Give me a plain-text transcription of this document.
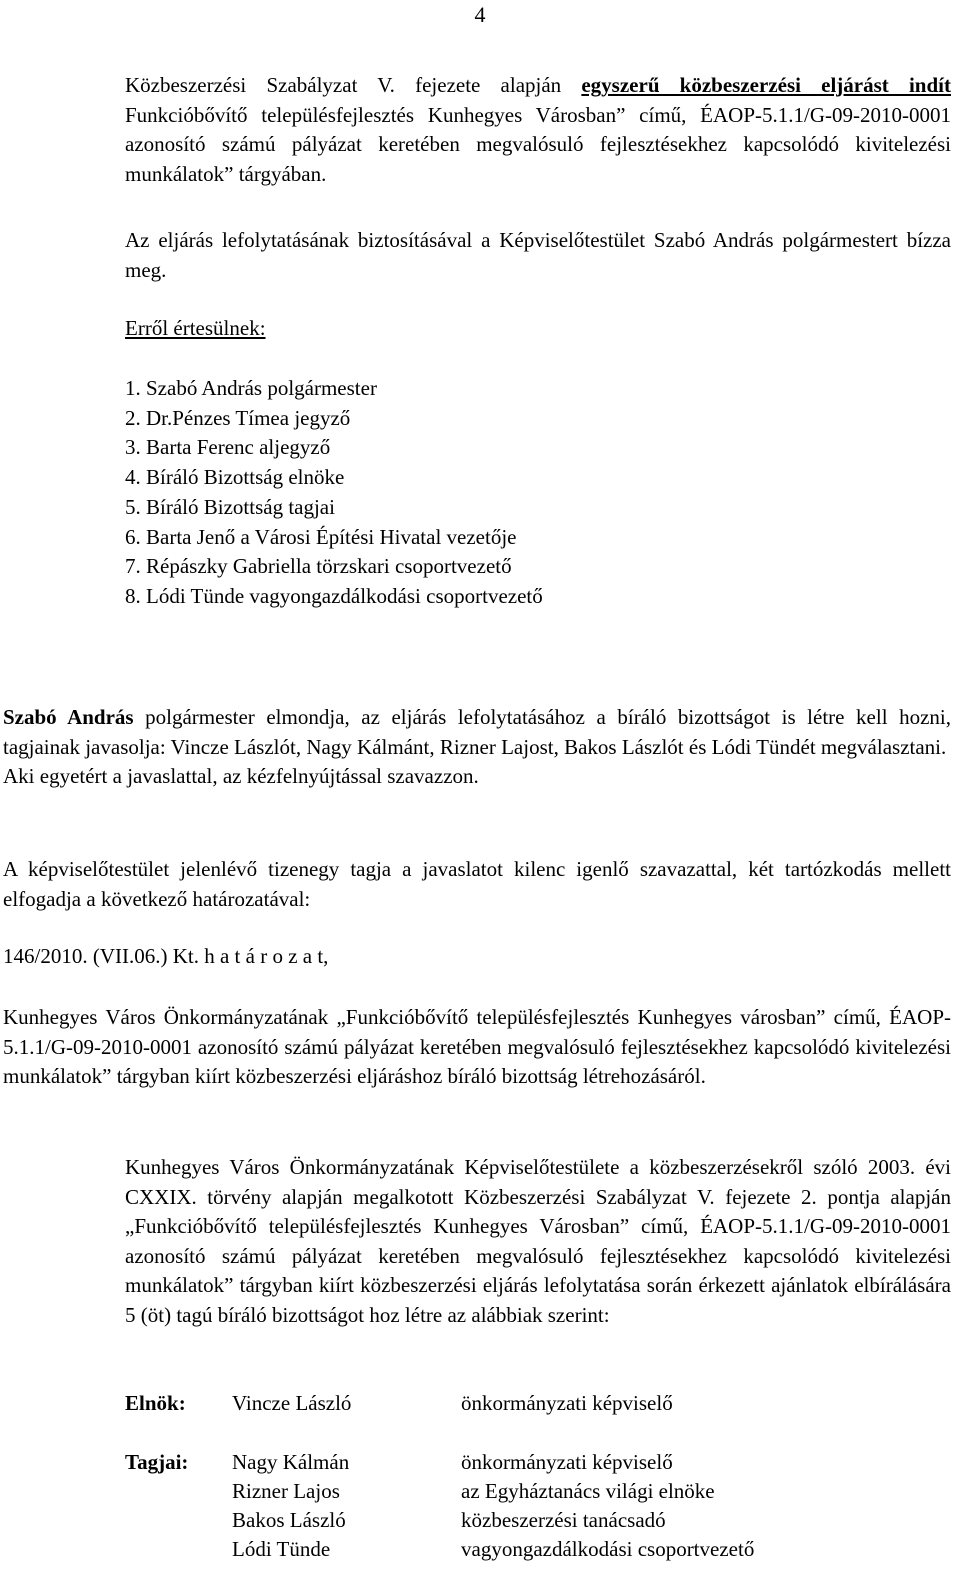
4

Közbeszerzési Szabályzat V. fejezete alapján egyszerű közbeszerzési eljárást indít Funkcióbővítő településfejlesztés Kunhegyes Városban” című, ÉAOP-5.1.1/G-09-2010-0001 azonosító számú pályázat keretében megvalósuló fejlesztésekhez kapcsolódó kivitelezési munkálatok” tárgyában.

Az eljárás lefolytatásának biztosításával a Képviselőtestület Szabó András polgármestert bízza meg.

Erről értesülnek:

1. Szabó András polgármester
2. Dr.Pénzes Tímea jegyző
3. Barta Ferenc aljegyző
4. Bíráló Bizottság elnöke
5. Bíráló Bizottság tagjai
6. Barta Jenő a Városi Építési Hivatal vezetője
7. Répászky Gabriella törzskari csoportvezető
8. Lódi Tünde vagyongazdálkodási csoportvezető

Szabó András polgármester elmondja, az eljárás lefolytatásához a bíráló bizottságot is létre kell hozni, tagjainak javasolja: Vincze Lászlót, Nagy Kálmánt, Rizner Lajost, Bakos Lászlót és Lódi Tündét megválasztani.

Aki egyetért a javaslattal, az kézfelnyújtással szavazzon.

A képviselőtestület jelenlévő tizenegy tagja a javaslatot kilenc igenlő szavazattal, két tartózkodás mellett elfogadja a következő határozatával:

146/2010. (VII.06.) Kt. h a t á r o z a t,

Kunhegyes Város Önkormányzatának „Funkcióbővítő településfejlesztés Kunhegyes városban” című, ÉAOP-5.1.1/G-09-2010-0001 azonosító számú pályázat keretében megvalósuló fejlesztésekhez kapcsolódó kivitelezési munkálatok” tárgyban kiírt közbeszerzési eljáráshoz bíráló bizottság létrehozásáról.

Kunhegyes Város Önkormányzatának Képviselőtestülete a közbeszerzésekről szóló 2003. évi CXXIX. törvény alapján megalkotott Közbeszerzési Szabályzat V. fejezete 2. pontja alapján „Funkcióbővítő településfejlesztés Kunhegyes Városban” című, ÉAOP-5.1.1/G-09-2010-0001 azonosító számú pályázat keretében megvalósuló fejlesztésekhez kapcsolódó kivitelezési munkálatok” tárgyban kiírt közbeszerzési eljárás lefolytatása során érkezett ajánlatok elbírálására 5 (öt) tagú bíráló bizottságot hoz létre az alábbiak szerint:

Elnök: Vincze László	önkormányzati képviselő
Tagjai: Nagy Kálmán	önkormányzati képviselő
Rizner Lajos	az Egyháztanács világi elnöke
Bakos László	közbeszerzési tanácsadó
Lódi Tünde	vagyongazdálkodási csoportvezető
